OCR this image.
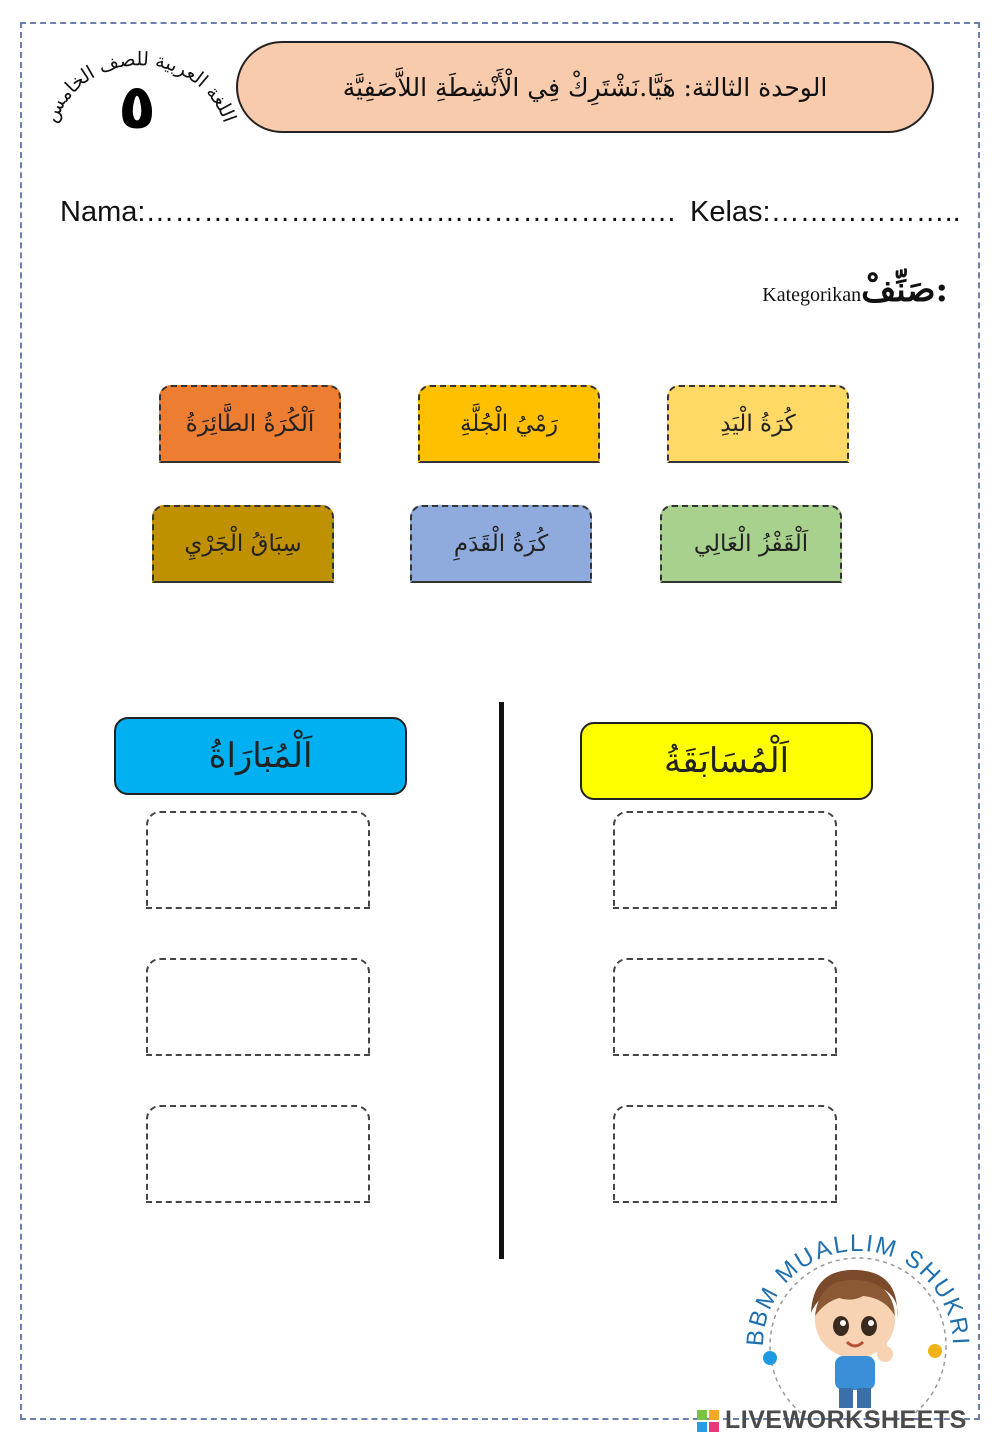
اللغة العربية للصف الخامس
٥	الوحدة الثالثة: هَيَّا.نَشْتَرِكْ فِي الْأَنْشِطَةِ اللاَّصَفِيَّة
Nama:………………………………………………. Kelas:………………..
Kategorikan صَنِّفْ:
اَلْكُرَةُ الطَّائِرَةُ	رَمْيُ الْجُلَّةِ	كُرَةُ الْيَدِ
سِبَاقُ الْجَرْيِ	كُرَةُ الْقَدَمِ	اَلْقَفْزُ الْعَالِي
اَلْمُبَارَاةُ	اَلْمُسَابَقَةُ
BBM MUALLIM SHUKRI
LIVEWORKSHEETS
